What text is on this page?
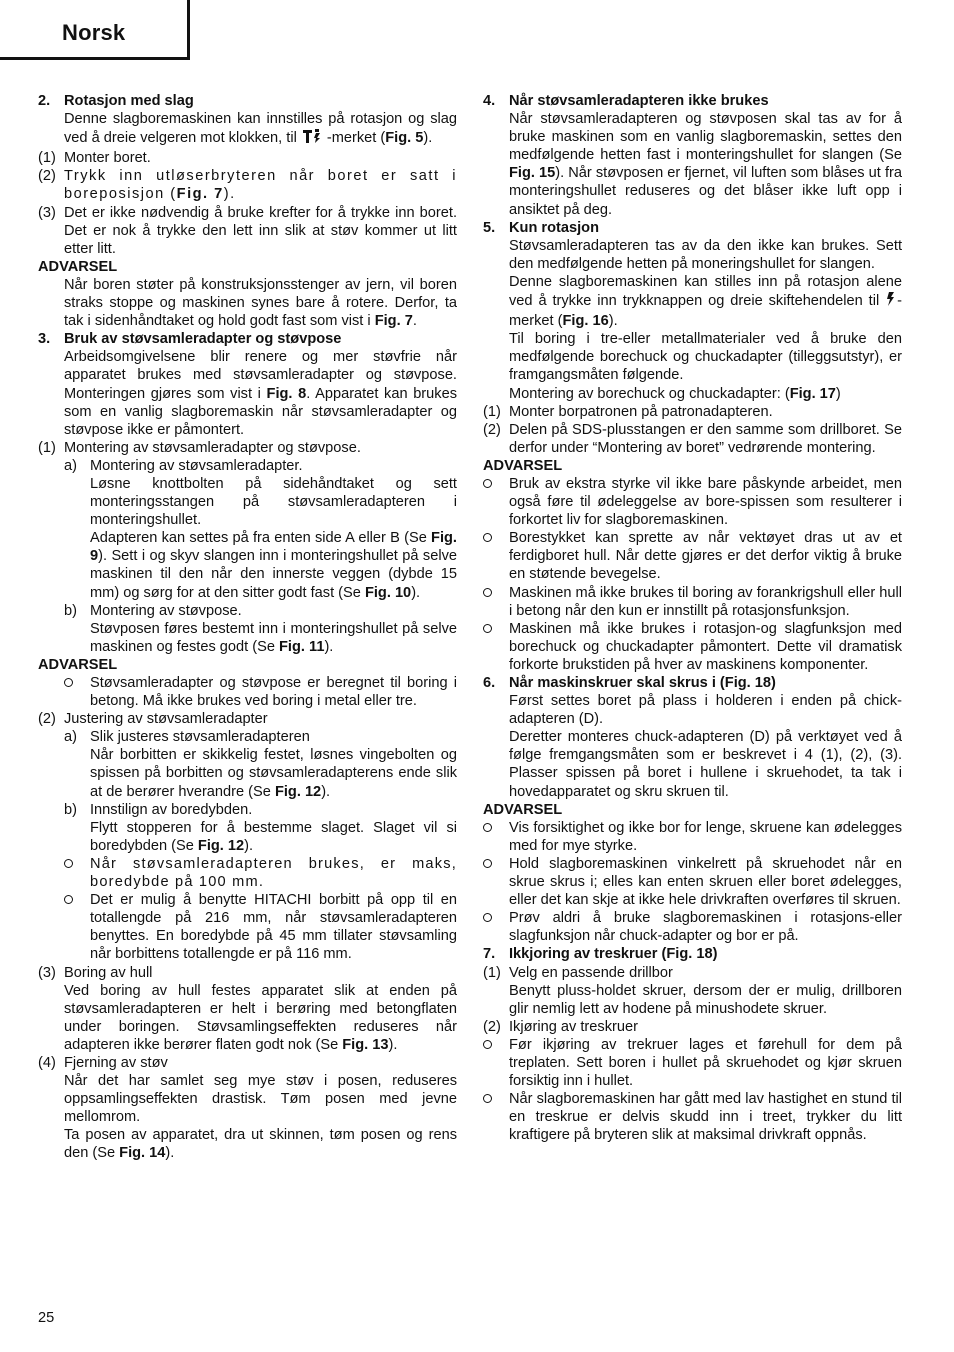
Norsk
2. Rotasjon med slag
Denne slagboremaskinen kan innstilles på rotasjon og slag ved å dreie velgeren mot klokken, til -merket (Fig. 5).
(1) Monter boret.
(2) Trykk inn utløserbryteren når boret er satt i boreposisjon (Fig. 7).
(3) Det er ikke nødvendig å bruke krefter for å trykke inn boret. Det er nok å trykke den lett inn slik at støv kommer ut litt etter litt.
ADVARSEL
Når boren støter på konstruksjonsstenger av jern, vil boren straks stoppe og maskinen synes bare å rotere. Derfor, ta tak i sidenhåndtaket og hold godt fast som vist i Fig. 7.
3. Bruk av støvsamleradapter og støvpose
Arbeidsomgivelsene blir renere og mer støvfrie når apparatet brukes med støvsamleradapter og støvpose. Monteringen gjøres som vist i Fig. 8. Apparatet kan brukes som en vanlig slagboremaskin når støvsamleradapter og støvpose ikke er påmontert.
(1) Montering av støvsamleradapter og støvpose.
a) Montering av støvsamleradapter.
Løsne knottbolten på sidehåndtaket og sett monteringsstangen på støvsamleradapteren i monteringshullet.
Adapteren kan settes på fra enten side A eller B (Se Fig. 9). Sett i og skyv slangen inn i monteringshullet på selve maskinen til den når den innerste veggen (dybde 15 mm) og sørg for at den sitter godt fast (Se Fig. 10).
b) Montering av støvpose.
Støvposen føres bestemt inn i monteringshullet på selve maskinen og festes godt (Se Fig. 11).
ADVARSEL
Støvsamleradapter og støvpose er beregnet til boring i betong. Må ikke brukes ved boring i metal eller tre.
(2) Justering av støvsamleradapter
a) Slik justeres støvsamleradapteren
Når borbitten er skikkelig festet, løsnes vingebolten og spissen på borbitten og støvsamleradapterens ende slik at de berører hverandre (Se Fig. 12).
b) Innstilign av boredybden.
Flytt stopperen for å bestemme slaget. Slaget vil si boredybden (Se Fig. 12).
Når støvsamleradapteren brukes, er maks, boredybde på 100 mm.
Det er mulig å benytte HITACHI borbitt på opp til en totallengde på 216 mm, når støvsamleradapteren benyttes. En boredybde på 45 mm tillater støvsamling når borbittens totallengde er på 116 mm.
(3) Boring av hull
Ved boring av hull festes apparatet slik at enden på støvsamleradapteren er helt i berøring med betongflaten under boringen. Støvsamlingseffekten reduseres når adapteren ikke berører flaten godt nok (Se Fig. 13).
(4) Fjerning av støv
Når det har samlet seg mye støv i posen, reduseres oppsamlingseffekten drastisk. Tøm posen med jevne mellomrom.
Ta posen av apparatet, dra ut skinnen, tøm posen og rens den (Se Fig. 14).
4. Når støvsamleradapteren ikke brukes
Når støvsamleradapteren og støvposen skal tas av for å bruke maskinen som en vanlig slagboremaskin, settes den medfølgende hetten fast i monteringshullet for slangen (Se Fig. 15). Når støvposen er fjernet, vil luften som blåses ut fra monteringshullet reduseres og det blåser ikke luft opp i ansiktet på deg.
5. Kun rotasjon
Støvsamleradapteren tas av da den ikke kan brukes. Sett den medfølgende hetten på moneringshullet for slangen.
Denne slagboremaskinen kan stilles inn på rotasjon alene ved å trykke inn trykknappen og dreie skiftehendelen til -merket (Fig. 16).
Til boring i tre-eller metallmaterialer ved å bruke den medfølgende borechuck og chuckadapter (tilleggsutstyr), er framgangsmåten følgende.
Montering av borechuck og chuckadapter: (Fig. 17)
(1) Monter borpatronen på patronadapteren.
(2) Delen på SDS-plusstangen er den samme som drillboret. Se derfor under “Montering av boret” vedrørende montering.
ADVARSEL
Bruk av ekstra styrke vil ikke bare påskynde arbeidet, men også føre til ødeleggelse av bore-spissen som resulterer i forkortet liv for slagboremaskinen.
Borestykket kan sprette av når vektøyet dras ut av et ferdigboret hull. Når dette gjøres er det derfor viktig å bruke en støtende bevegelse.
Maskinen må ikke brukes til boring av forankrigshull eller hull i betong når den kun er innstillt på rotasjonsfunksjon.
Maskinen må ikke brukes i rotasjon-og slagfunksjon med borechuck og chuckadapter påmontert. Dette vil dramatisk forkorte brukstiden på hver av maskinens komponenter.
6. Når maskinskruer skal skrus i (Fig. 18)
Først settes boret på plass i holderen i enden på chick-adapteren (D).
Deretter monteres chuck-adapteren (D) på verktøyet ved å følge fremgangsmåten som er beskrevet i 4 (1), (2), (3). Plasser spissen på boret i hullene i skruehodet, ta tak i hovedapparatet og skru skruen til.
ADVARSEL
Vis forsiktighet og ikke bor for lenge, skruene kan ødelegges med for mye styrke.
Hold slagboremaskinen vinkelrett på skruehodet når en skrue skrus i; elles kan enten skruen eller boret ødelegges, eller det kan skje at ikke hele drivkraften overføres til skruen.
Prøv aldri å bruke slagboremaskinen i rotasjons-eller slagfunksjon når chuck-adapter og bor er på.
7. Ikkjoring av treskruer (Fig. 18)
(1) Velg en passende drillbor
Benytt pluss-holdet skruer, dersom der er mulig, drillboren glir nemlig lett av hodene på minushodete skruer.
(2) Ikjøring av treskruer
Før ikjøring av trekruer lages et førehull for dem på treplaten. Sett boren i hullet på skruehodet og kjør skruen forsiktig inn i hullet.
Når slagboremaskinen har gått med lav hastighet en stund til en treskrue er delvis skudd inn i treet, trykker du litt kraftigere på bryteren slik at maksimal drivkraft oppnås.
25
